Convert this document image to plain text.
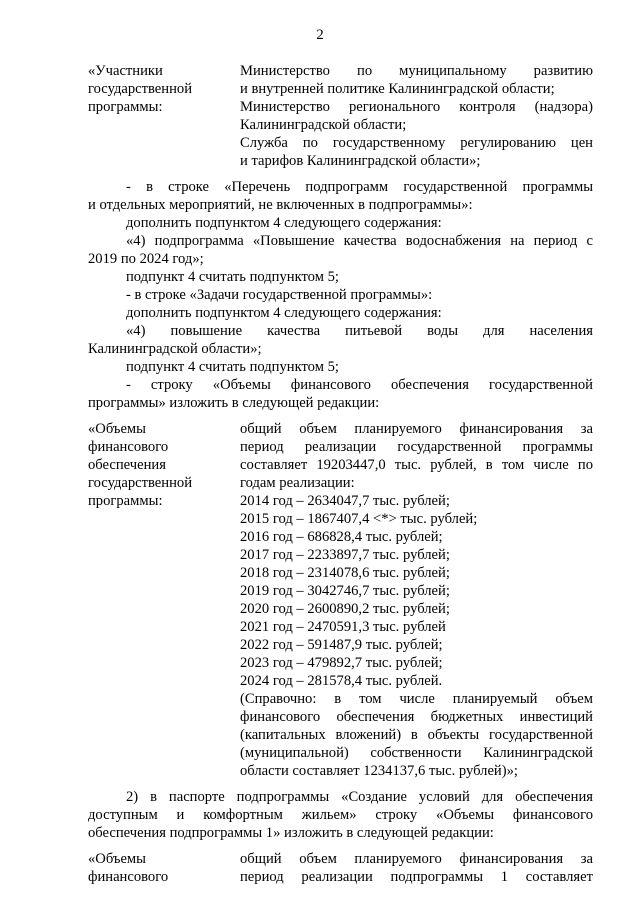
2
«Участники
государственной
программы:
Министерство по муниципальному развитию
и внутренней политике Калининградской области;
Министерство регионального контроля (надзора)
Калининградской области;
Служба по государственному регулированию цен
и тарифов Калининградской области»;
- в строке «Перечень подпрограмм государственной программы
и отдельных мероприятий, не включенных в подпрограммы»:
дополнить подпунктом 4 следующего содержания:
«4) подпрограмма «Повышение качества водоснабжения на период с
2019 по 2024 год»;
подпункт 4 считать подпунктом 5;
- в строке «Задачи государственной программы»:
дополнить подпунктом 4 следующего содержания:
«4) повышение качества питьевой воды для населения
Калининградской области»;
подпункт 4 считать подпунктом 5;
- строку «Объемы финансового обеспечения государственной
программы» изложить в следующей редакции:
«Объемы
финансового
обеспечения
государственной
программы:
общий объем планируемого финансирования за
период реализации государственной программы
составляет 19203447,0 тыс. рублей, в том числе по
годам реализации:
2014 год – 2634047,7 тыс. рублей;
2015 год – 1867407,4 <*> тыс. рублей;
2016 год – 686828,4 тыс. рублей;
2017 год – 2233897,7 тыс. рублей;
2018 год – 2314078,6 тыс. рублей;
2019 год – 3042746,7 тыс. рублей;
2020 год – 2600890,2 тыс. рублей;
2021 год – 2470591,3 тыс. рублей
2022 год – 591487,9 тыс. рублей;
2023 год – 479892,7 тыс. рублей;
2024 год – 281578,4 тыс. рублей.
(Справочно: в том числе планируемый объем
финансового обеспечения бюджетных инвестиций
(капитальных вложений) в объекты государственной
(муниципальной) собственности Калининградской
области составляет 1234137,6 тыс. рублей)»;
2) в паспорте подпрограммы «Создание условий для обеспечения
доступным и комфортным жильем» строку «Объемы финансового
обеспечения подпрограммы 1» изложить в следующей редакции:
«Объемы
финансового
общий объем планируемого финансирования за
период реализации подпрограммы 1 составляет
